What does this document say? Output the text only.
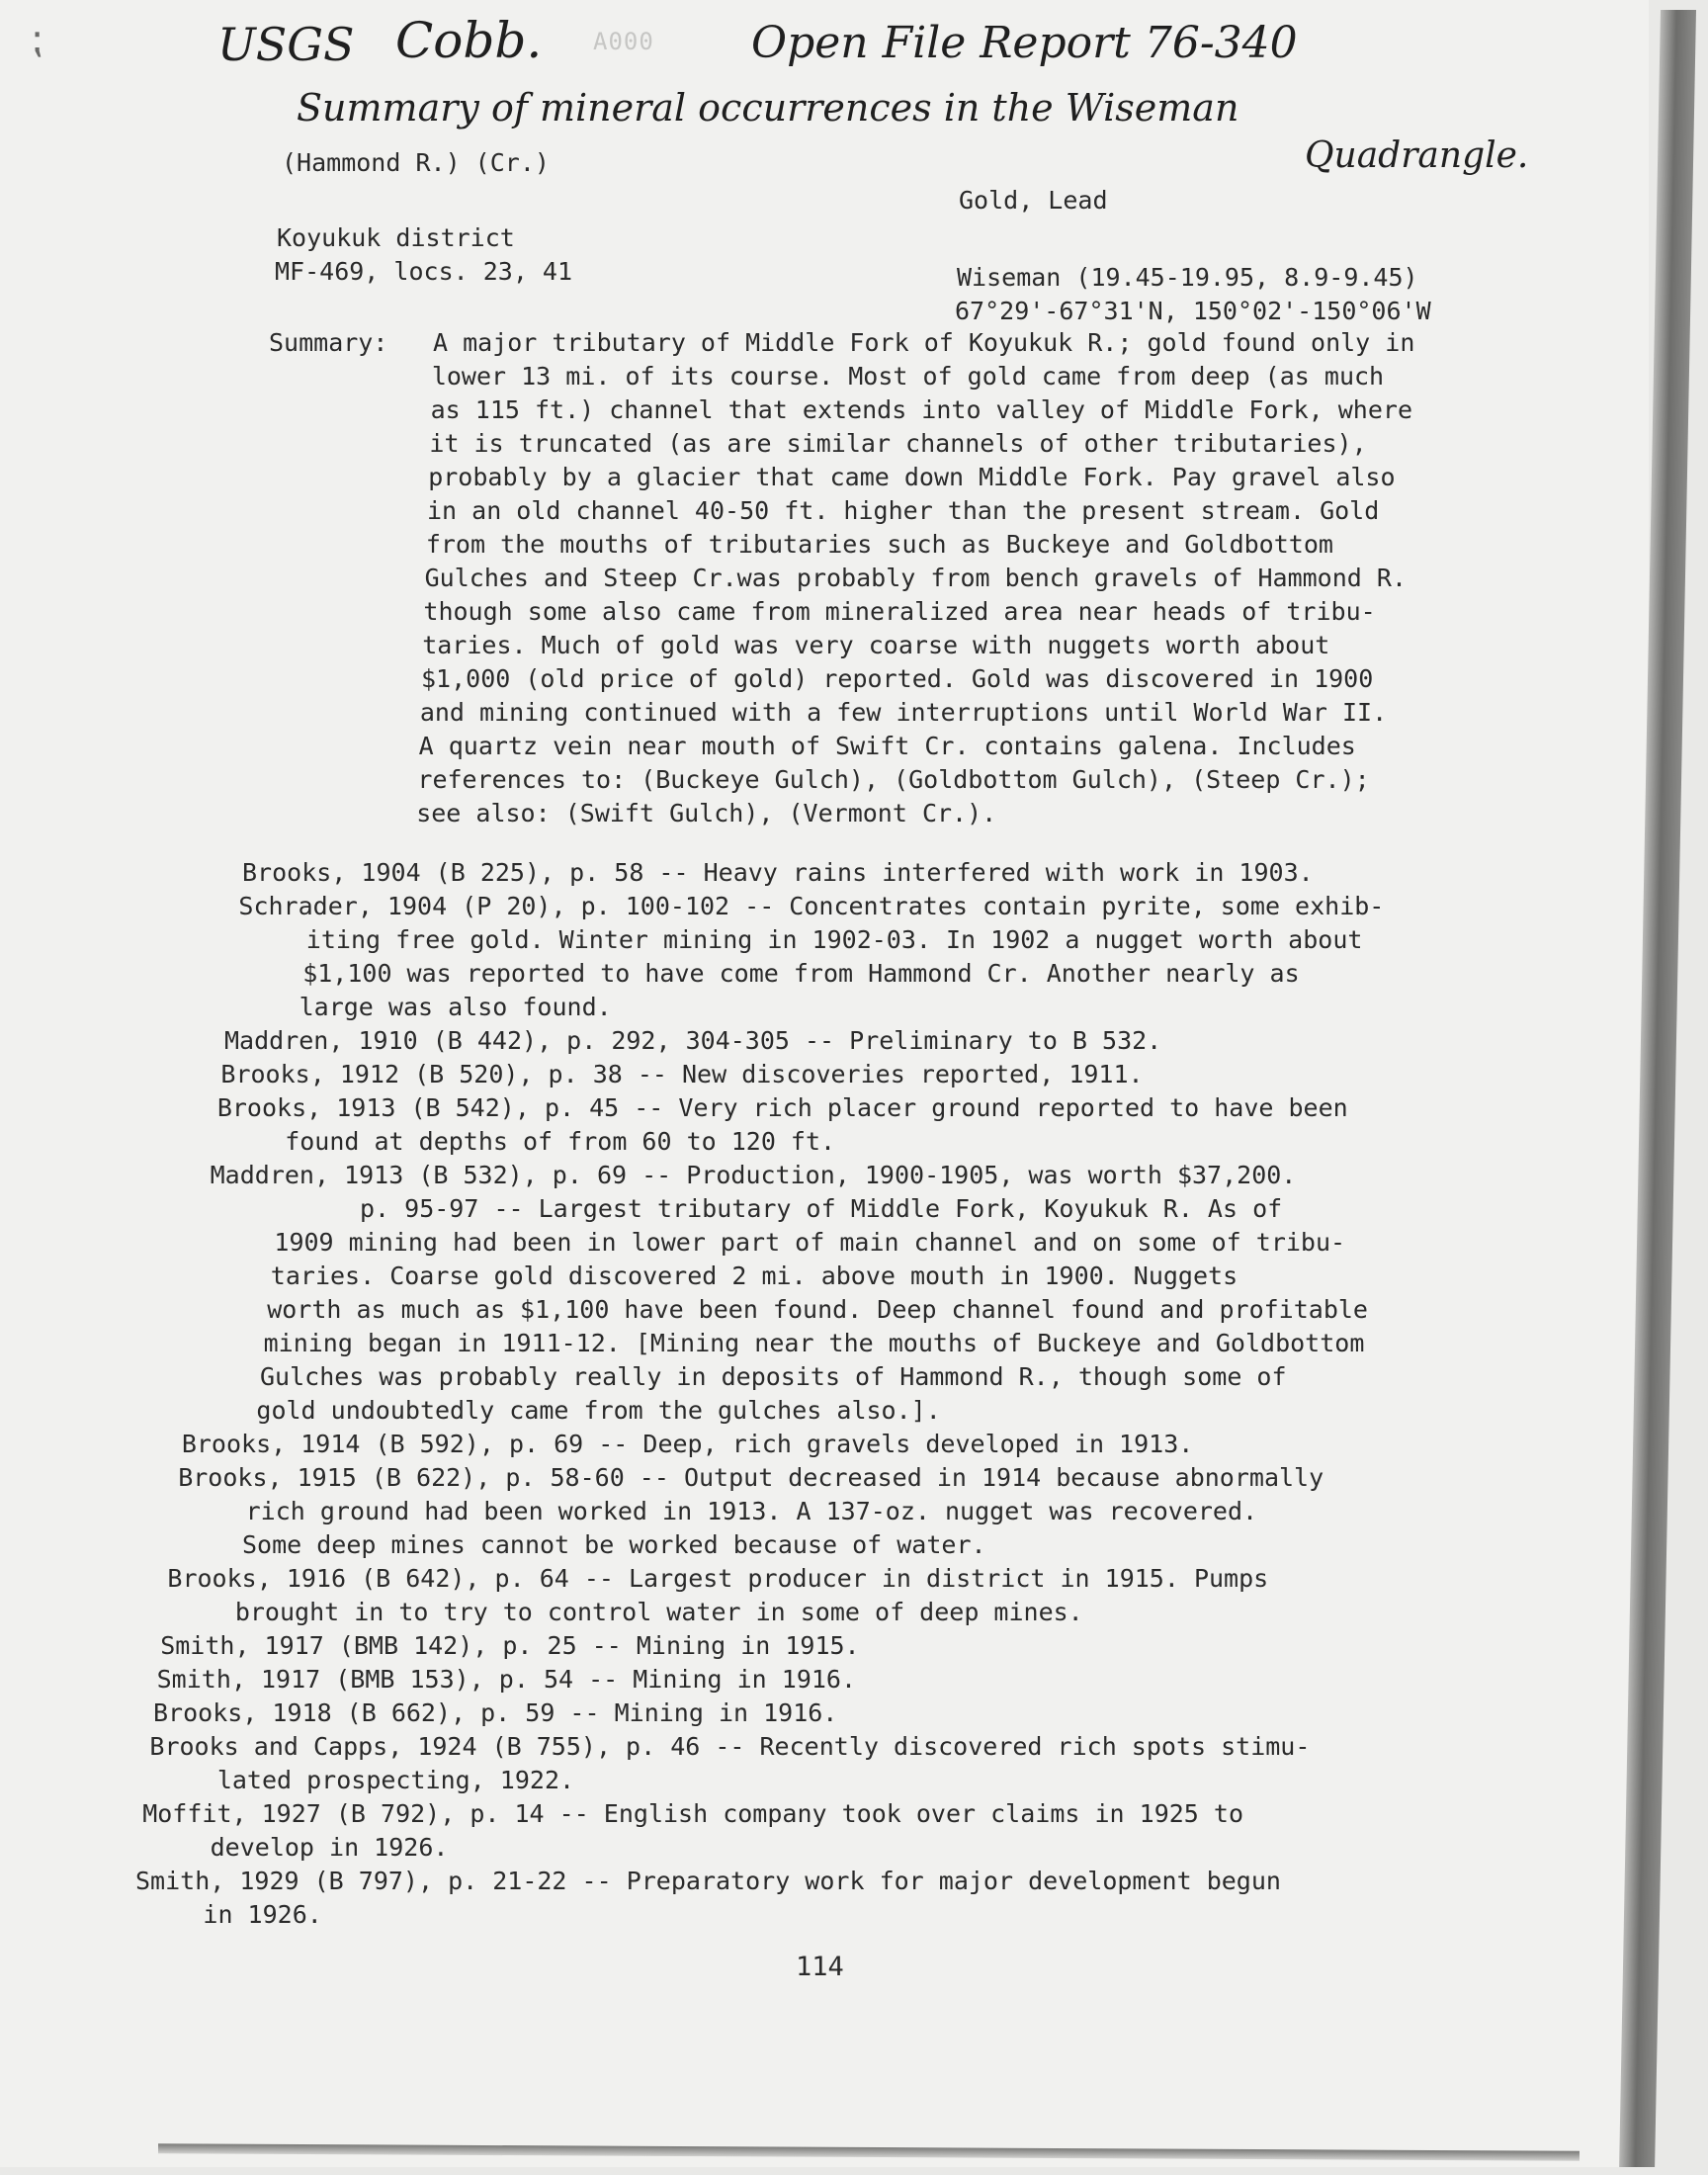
⁏	USGS Cobb. A000 Open File Report 76-340
Summary of mineral occurrences in the Wiseman
Quadrangle.
(Hammond R.) (Cr.)
Gold, Lead
Koyukuk district
MF-469, locs. 23, 41	Wiseman (19.45-19.95, 8.9-9.45)
67°29'-67°31'N, 150°02'-150°06'W
Summary: A major tributary of Middle Fork of Koyukuk R.; gold found only in
lower 13 mi. of its course. Most of gold came from deep (as much
as 115 ft.) channel that extends into valley of Middle Fork, where
it is truncated (as are similar channels of other tributaries),
probably by a glacier that came down Middle Fork. Pay gravel also
in an old channel 40-50 ft. higher than the present stream. Gold
from the mouths of tributaries such as Buckeye and Goldbottom
Gulches and Steep Cr.was probably from bench gravels of Hammond R.
though some also came from mineralized area near heads of tribu-
taries. Much of gold was very coarse with nuggets worth about
$1,000 (old price of gold) reported. Gold was discovered in 1900
and mining continued with a few interruptions until World War II.
A quartz vein near mouth of Swift Cr. contains galena. Includes
references to: (Buckeye Gulch), (Goldbottom Gulch), (Steep Cr.);
see also: (Swift Gulch), (Vermont Cr.).
Brooks, 1904 (B 225), p. 58 -- Heavy rains interfered with work in 1903.
Schrader, 1904 (P 20), p. 100-102 -- Concentrates contain pyrite, some exhib-
iting free gold. Winter mining in 1902-03. In 1902 a nugget worth about
$1,100 was reported to have come from Hammond Cr. Another nearly as
large was also found.
Maddren, 1910 (B 442), p. 292, 304-305 -- Preliminary to B 532.
Brooks, 1912 (B 520), p. 38 -- New discoveries reported, 1911.
Brooks, 1913 (B 542), p. 45 -- Very rich placer ground reported to have been
found at depths of from 60 to 120 ft.
Maddren, 1913 (B 532), p. 69 -- Production, 1900-1905, was worth $37,200.
p. 95-97 -- Largest tributary of Middle Fork, Koyukuk R. As of
1909 mining had been in lower part of main channel and on some of tribu-
taries. Coarse gold discovered 2 mi. above mouth in 1900. Nuggets
worth as much as $1,100 have been found. Deep channel found and profitable
mining began in 1911-12. [Mining near the mouths of Buckeye and Goldbottom
Gulches was probably really in deposits of Hammond R., though some of
gold undoubtedly came from the gulches also.].
Brooks, 1914 (B 592), p. 69 -- Deep, rich gravels developed in 1913.
Brooks, 1915 (B 622), p. 58-60 -- Output decreased in 1914 because abnormally
rich ground had been worked in 1913. A 137-oz. nugget was recovered.
Some deep mines cannot be worked because of water.
Brooks, 1916 (B 642), p. 64 -- Largest producer in district in 1915. Pumps
brought in to try to control water in some of deep mines.
Smith, 1917 (BMB 142), p. 25 -- Mining in 1915.
Smith, 1917 (BMB 153), p. 54 -- Mining in 1916.
Brooks, 1918 (B 662), p. 59 -- Mining in 1916.
Brooks and Capps, 1924 (B 755), p. 46 -- Recently discovered rich spots stimu-
lated prospecting, 1922.
Moffit, 1927 (B 792), p. 14 -- English company took over claims in 1925 to
develop in 1926.
Smith, 1929 (B 797), p. 21-22 -- Preparatory work for major development begun
in 1926.
114
